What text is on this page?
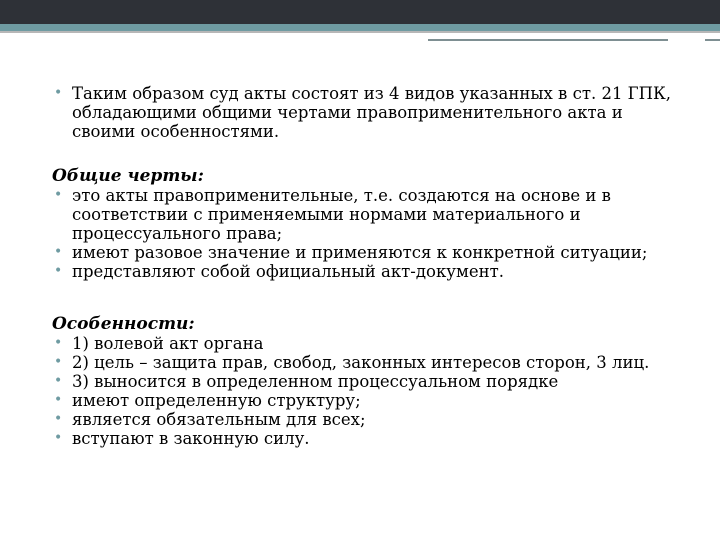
• Таким образом суд акты состоят из 4 видов указанных в ст. 21 ГПК, обладающими общими чертами правоприменительного акта и своими особенностями.
Общие черты:
• это акты правоприменительные, т.е. создаются на основе и в соответствии с применяемыми нормами материального и процессуального права;
• имеют разовое значение и применяются к конкретной ситуации;
• представляют собой официальный акт-документ.
Особенности:
• 1) волевой акт органа
• 2) цель – защита прав, свобод, законных интересов сторон, 3 лиц.
• 3) выносится в определенном процессуальном порядке
• имеют определенную структуру;
• является обязательным для всех;
• вступают в законную силу.
